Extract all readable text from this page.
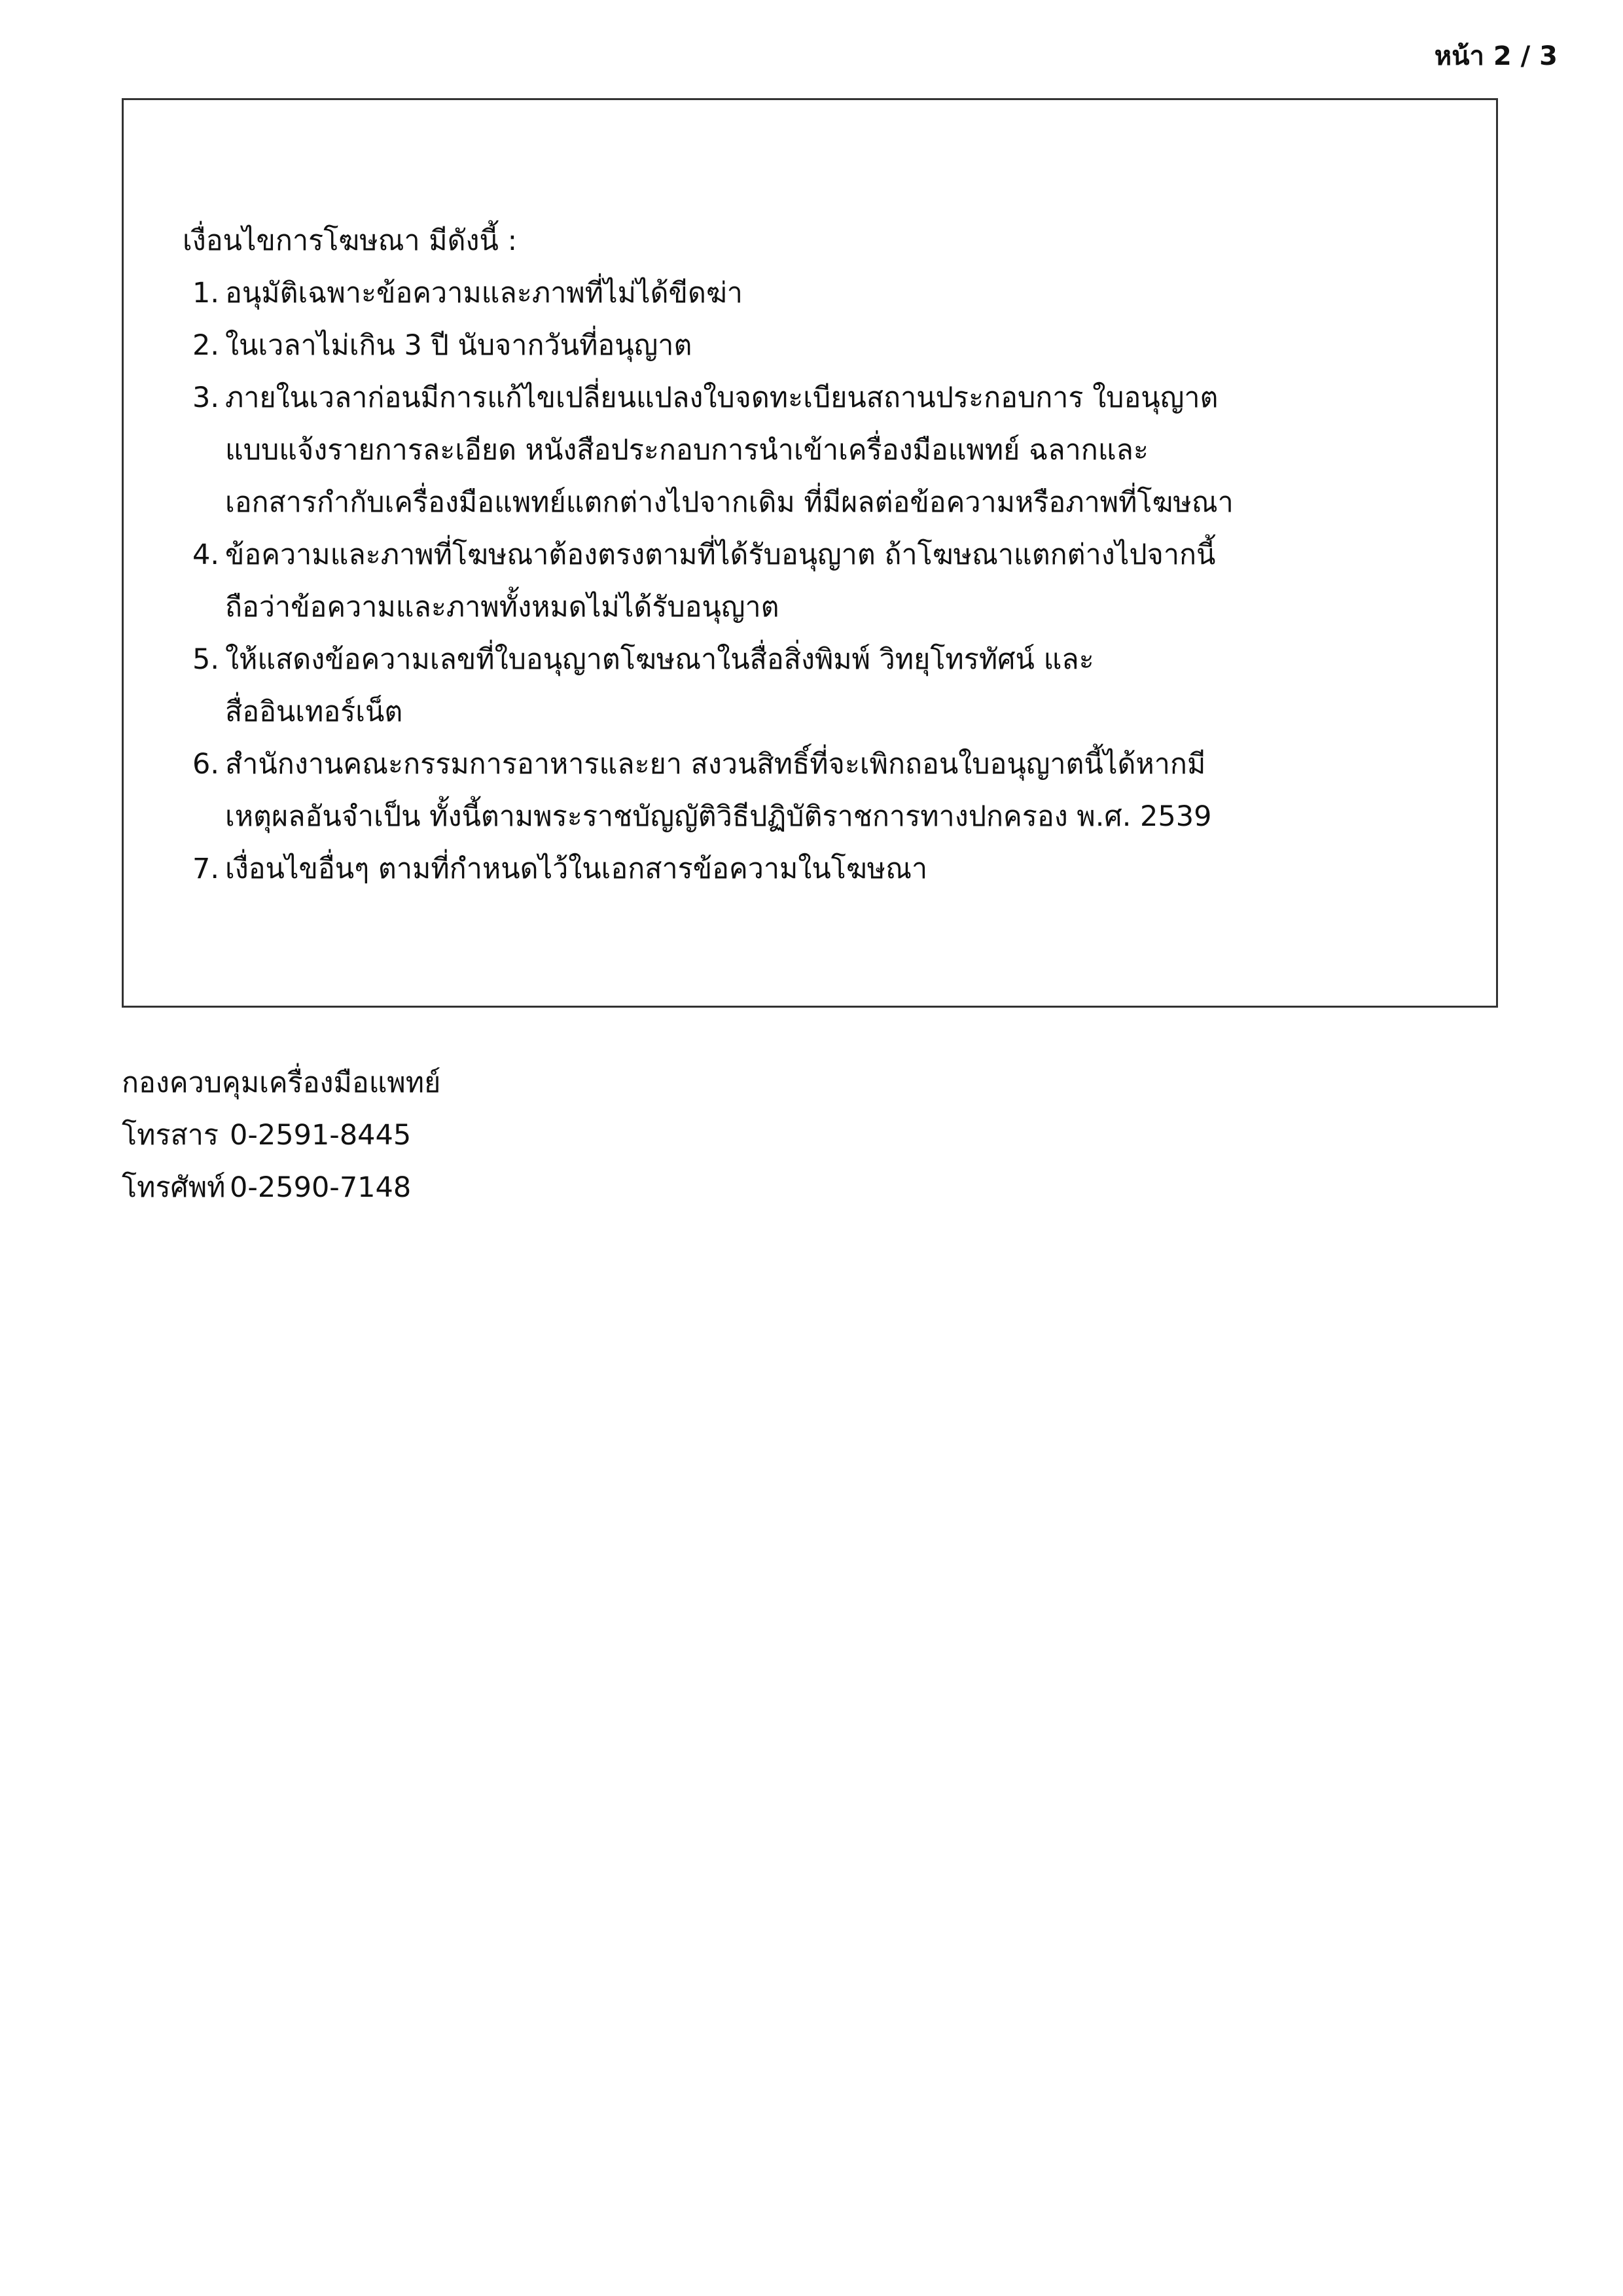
หน้า 2 / 3
เงื่อนไขการโฆษณา มีดังนี้ :
1. อนุมัติเฉพาะข้อความและภาพที่ไม่ได้ขีดฆ่า
2. ในเวลาไม่เกิน 3 ปี นับจากวันที่อนุญาต
3. ภายในเวลาก่อนมีการแก้ไขเปลี่ยนแปลงใบจดทะเบียนสถานประกอบการ ใบอนุญาต
แบบแจ้งรายการละเอียด หนังสือประกอบการนำเข้าเครื่องมือแพทย์ ฉลากและ
เอกสารกำกับเครื่องมือแพทย์แตกต่างไปจากเดิม ที่มีผลต่อข้อความหรือภาพที่โฆษณา
4. ข้อความและภาพที่โฆษณาต้องตรงตามที่ได้รับอนุญาต ถ้าโฆษณาแตกต่างไปจากนี้
ถือว่าข้อความและภาพทั้งหมดไม่ได้รับอนุญาต
5. ให้แสดงข้อความเลขที่ใบอนุญาตโฆษณาในสื่อสิ่งพิมพ์ วิทยุโทรทัศน์ และ
สื่ออินเทอร์เน็ต
6. สำนักงานคณะกรรมการอาหารและยา สงวนสิทธิ์ที่จะเพิกถอนใบอนุญาตนี้ได้หากมี
เหตุผลอันจำเป็น ทั้งนี้ตามพระราชบัญญัติวิธีปฏิบัติราชการทางปกครอง พ.ศ. 2539
7. เงื่อนไขอื่นๆ ตามที่กำหนดไว้ในเอกสารข้อความในโฆษณา
กองควบคุมเครื่องมือแพทย์
โทรสาร 0-2591-8445
โทรศัพท์ 0-2590-7148
